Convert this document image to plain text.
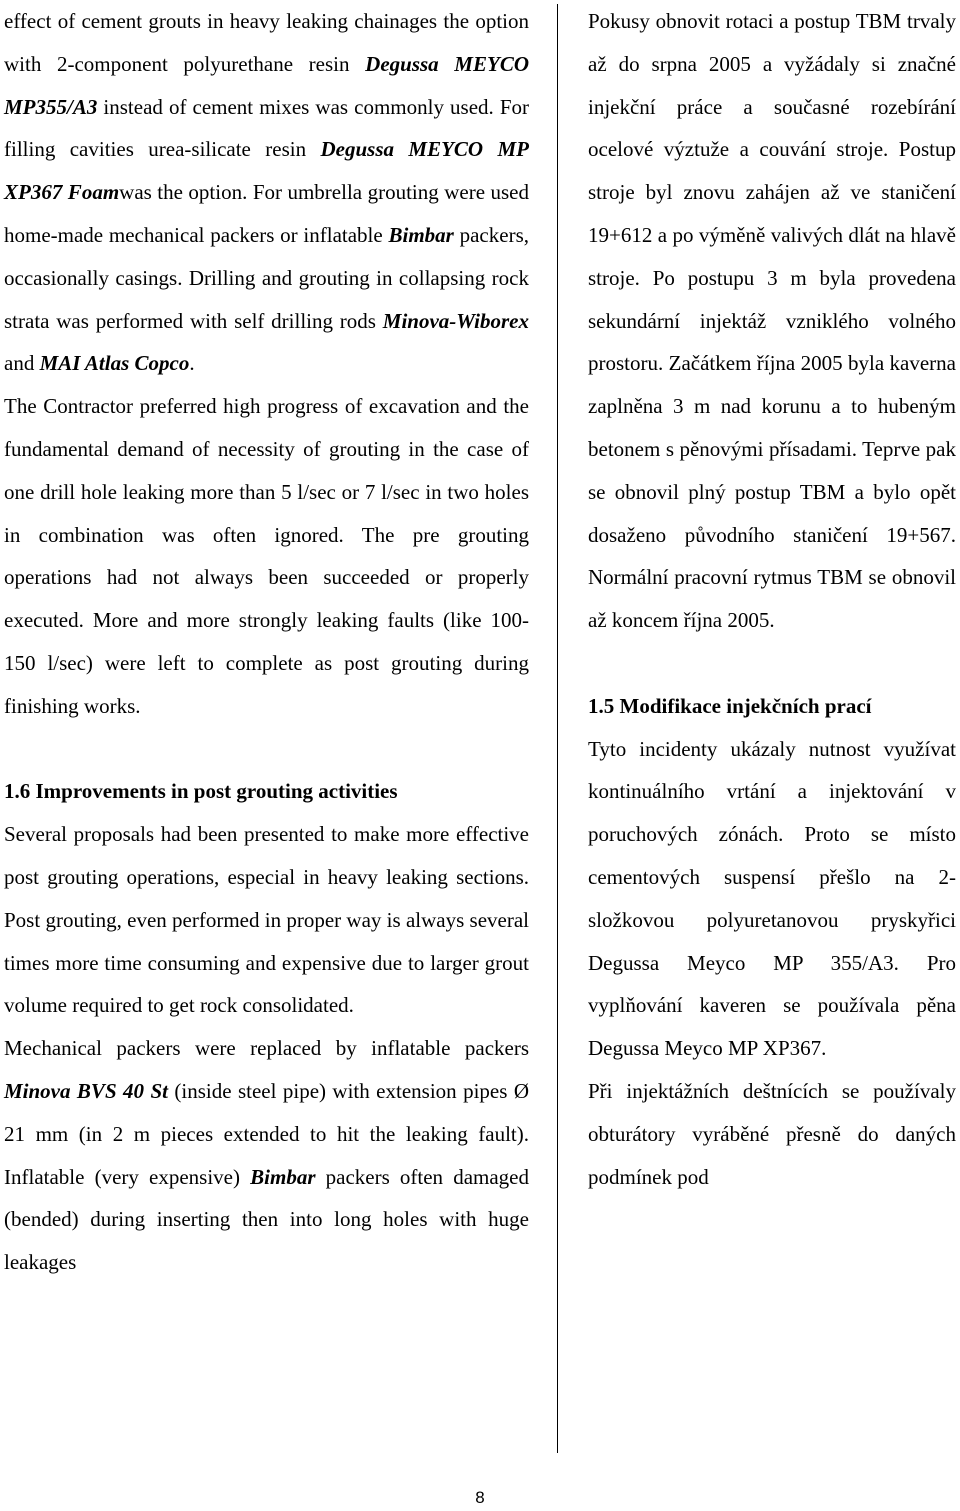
effect of cement grouts in heavy leaking chainages the option with 2-component polyurethane resin Degussa MEYCO MP355/A3 instead of cement mixes was commonly used. For filling cavities urea-silicate resin Degussa MEYCO MP XP367 Foamwas the option. For umbrella grouting were used home-made mechanical packers or inflatable Bimbar packers, occasionally casings. Drilling and grouting in collapsing rock strata was performed with self drilling rods Minova-Wiborex and MAI Atlas Copco.

The Contractor preferred high progress of excavation and the fundamental demand of necessity of grouting in the case of one drill hole leaking more than 5 l/sec or 7 l/sec in two holes in combination was often ignored. The pre grouting operations had not always been succeeded or properly executed. More and more strongly leaking faults (like 100-150 l/sec) were left to complete as post grouting during finishing works.

1.6 Improvements in post grouting activities

Several proposals had been presented to make more effective post grouting operations, especial in heavy leaking sections. Post grouting, even performed in proper way is always several times more time consuming and expensive due to larger grout volume required to get rock consolidated.

Mechanical packers were replaced by inflatable packers Minova BVS 40 St (inside steel pipe) with extension pipes Ø 21 mm (in 2 m pieces extended to hit the leaking fault). Inflatable (very expensive) Bimbar packers often damaged (bended) during inserting then into long holes with huge leakages

Pokusy obnovit rotaci a postup TBM trvaly až do srpna 2005 a vyžádaly si značné injekční práce a současné rozebírání ocelové výztuže a couvání stroje. Postup stroje byl znovu zahájen až ve staničení 19+612 a po výměně valivých dlát na hlavě stroje. Po postupu 3 m byla provedena sekundární injektáž vzniklého volného prostoru. Začátkem října 2005 byla kaverna zaplněna 3 m nad korunu a to hubeným betonem s pěnovými přísadami. Teprve pak se obnovil plný postup TBM a bylo opět dosaženo původního staničení 19+567. Normální pracovní rytmus TBM se obnovil až koncem října 2005.

1.5 Modifikace injekčních prací

Tyto incidenty ukázaly nutnost využívat kontinuálního vrtání a injektování v poruchových zónách. Proto se místo cementových suspensí přešlo na 2-složkovou polyuretanovou pryskyřici Degussa Meyco MP 355/A3. Pro vyplňování kaveren se používala pěna Degussa Meyco MP XP367.

Při injektážních deštnících se používaly obturátory vyráběné přesně do daných podmínek pod

8
